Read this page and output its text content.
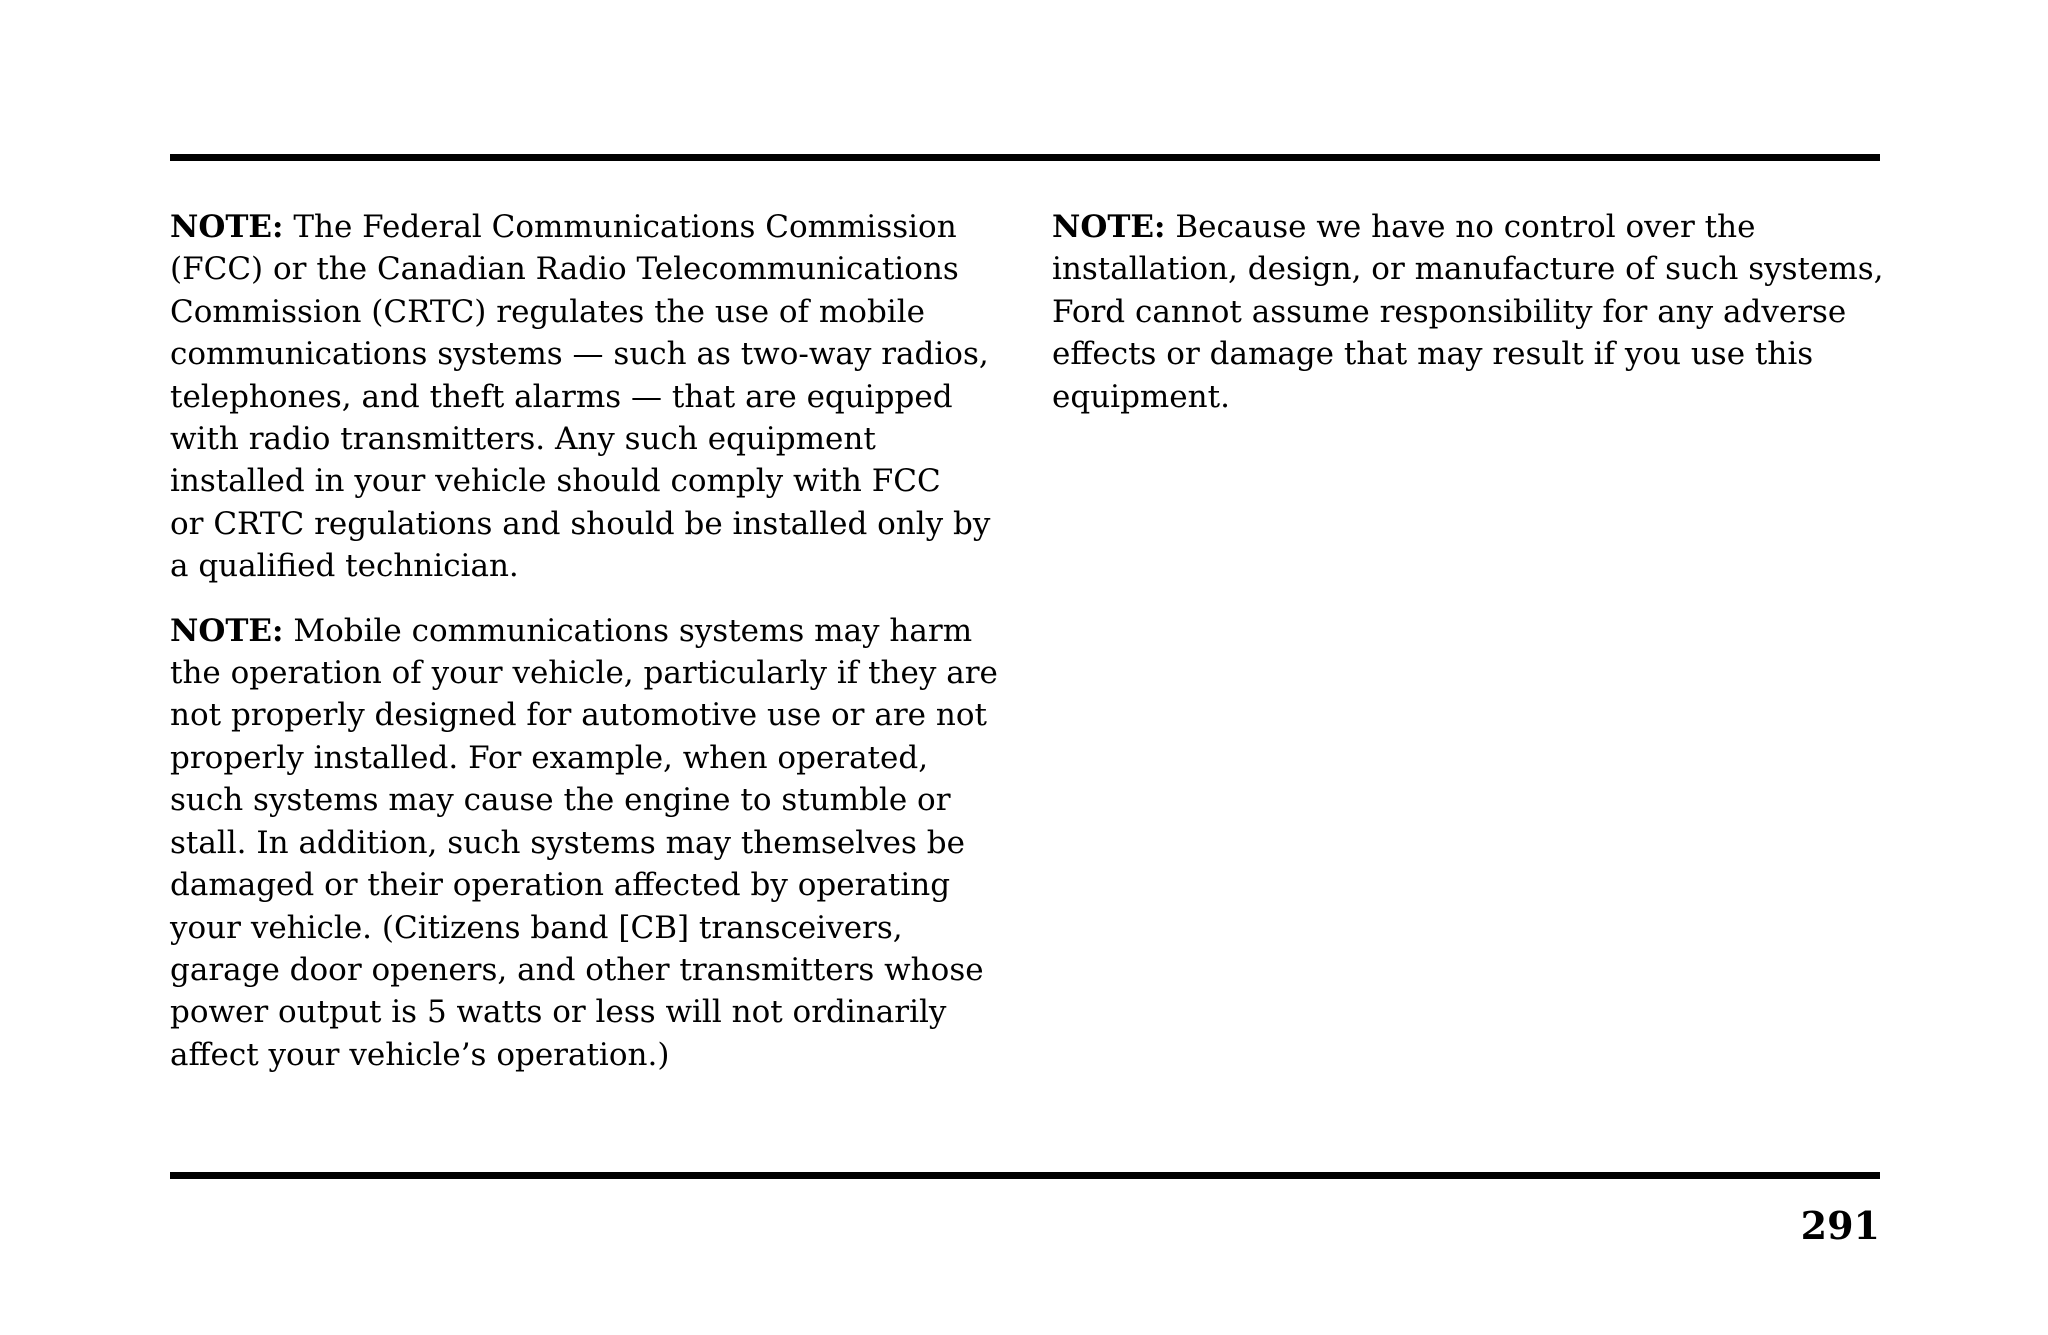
NOTE: The Federal Communications Commission
(FCC) or the Canadian Radio Telecommunications
Commission (CRTC) regulates the use of mobile
communications systems — such as two-way radios,
telephones, and theft alarms — that are equipped
with radio transmitters. Any such equipment
installed in your vehicle should comply with FCC
or CRTC regulations and should be installed only by
a qualified technician.

NOTE: Mobile communications systems may harm
the operation of your vehicle, particularly if they are
not properly designed for automotive use or are not
properly installed. For example, when operated,
such systems may cause the engine to stumble or
stall. In addition, such systems may themselves be
damaged or their operation affected by operating
your vehicle. (Citizens band [CB] transceivers,
garage door openers, and other transmitters whose
power output is 5 watts or less will not ordinarily
affect your vehicle’s operation.)

NOTE: Because we have no control over the
installation, design, or manufacture of such systems,
Ford cannot assume responsibility for any adverse
effects or damage that may result if you use this
equipment.

291
